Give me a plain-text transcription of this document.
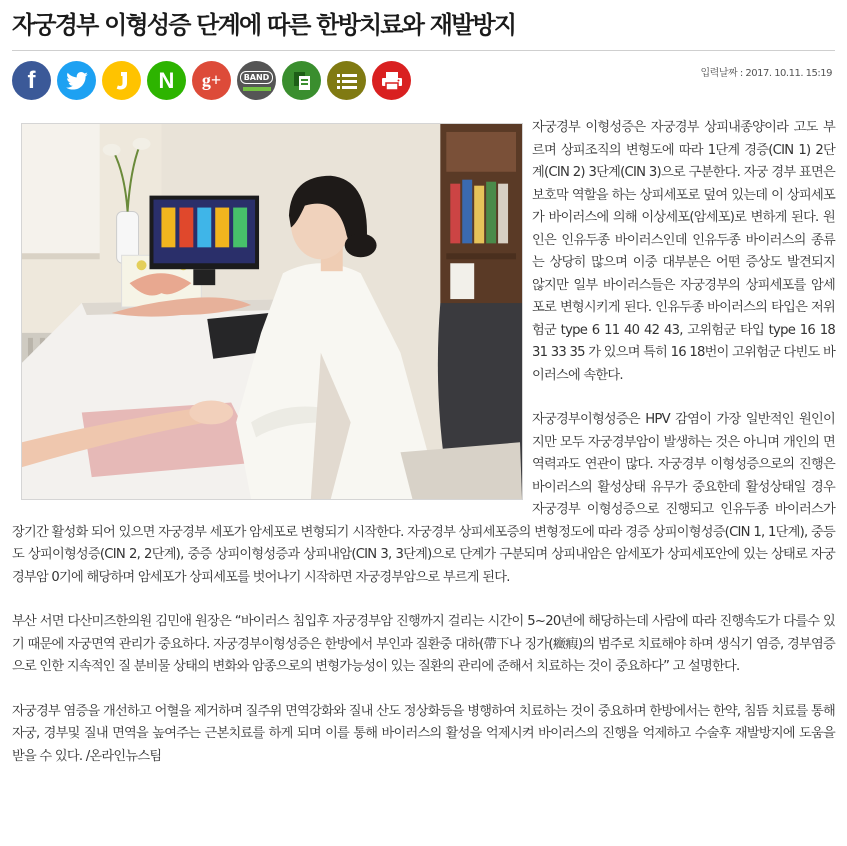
자궁경부 이형성증 단계에 따른 한방치료와 재발방지
f	N g+	BAND	입력날짜 : 2017. 10.11. 15:19

자궁경부 이형성증은 자궁경부 상피내종양이라 고도 부르며 상피조직의 변형도에 따라 1단계 경증(CIN 1) 2단계(CIN 2) 3단계(CIN 3)으로 구분한다. 자궁 경부 표면은 보호막 역할을 하는 상피세포로 덮여 있는데 이 상피세포가 바이러스에 의해 이상세포(암세포)로 변하게 된다. 원인은 인유두종 바이러스인데 인유두종 바이러스의 종류는 상당히 많으며 이중 대부분은 어떤 증상도 발견되지 않지만 일부 바이러스들은 자궁경부의 상피세포를 암세포로 변형시키게 된다. 인유두종 바이러스의 타입은 저위험군 type 6 11 40 42 43, 고위험군 타입 type 16 18 31 33 35 가 있으며 특히 16 18번이 고위험군 다빈도 바이러스에 속한다.

자궁경부이형성증은 HPV 감염이 가장 일반적인 원인이지만 모두 자궁경부암이 발생하는 것은 아니며 개인의 면역력과도 연관이 많다. 자궁경부 이형성증으로의 진행은 바이러스의 활성상태 유무가 중요한데 활성상태일 경우 자궁경부 이형성증으로 진행되고 인유두종 바이러스가 장기간 활성화 되어 있으면 자궁경부 세포가 암세포로 변형되기 시작한다. 자궁경부 상피세포증의 변형정도에 따라 경증 상피이형성증(CIN 1, 1단계), 중등도 상피이형성증(CIN 2, 2단계), 중증 상피이형성증과 상피내암(CIN 3, 3단계)으로 단계가 구분되며 상피내암은 암세포가 상피세포안에 있는 상태로 자궁경부암 0기에 해당하며 암세포가 상피세포를 벗어나기 시작하면 자궁경부암으로 부르게 된다.

부산 서면 다산미즈한의원 김민애 원장은 “바이러스 침입후 자궁경부암 진행까지 걸리는 시간이 5~20년에 해당하는데 사람에 따라 진행속도가 다를수 있기 때문에 자궁면역 관리가 중요하다. 자궁경부이형성증은 한방에서 부인과 질환중 대하(帶下나 징가(癥瘕)의 범주로 치료해야 하며 생식기 염증, 경부염증으로 인한 지속적인 질 분비물 상태의 변화와 암종으로의 변형가능성이 있는 질환의 관리에 준해서 치료하는 것이 중요하다” 고 설명한다.

자궁경부 염증을 개선하고 어혈을 제거하며 질주위 면역강화와 질내 산도 정상화등을 병행하여 치료하는 것이 중요하며 한방에서는 한약, 침뜸 치료를 통해 자궁, 경부및 질내 면역을 높여주는 근본치료를 하게 되며 이를 통해 바이러스의 활성을 억제시켜 바이러스의 진행을 억제하고 수술후 재발방지에 도움을 받을 수 있다. /온라인뉴스팀
